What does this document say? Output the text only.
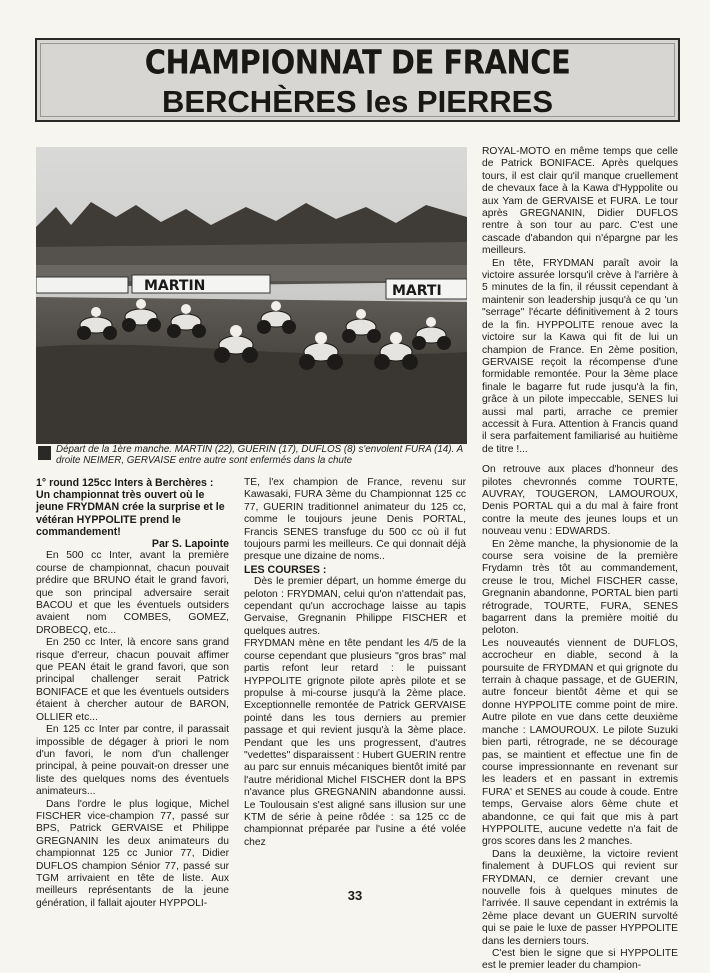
CHAMPIONNAT DE FRANCE
BERCHÈRES les PIERRES
MARTIN	MARTI
Départ de la 1ère manche. MARTIN (22), GUERIN (17), DUFLOS (8) s'envolent FURA (14). A droite NEIMER, GERVAISE entre autre sont enfermés dans la chute

1° round 125cc Inters à Berchères : Un championnat très ouvert où le jeune FRYDMAN crée la surprise et le vétéran HYPPOLITE prend le commandement!

Par S. Lapointe

En 500 cc Inter, avant la première course de championnat, chacun pouvait prédire que BRUNO était le grand favori, que son principal adversaire serait BACOU et que les éventuels outsiders avaient nom COMBES, GOMEZ, DROBECQ, etc...

En 250 cc Inter, là encore sans grand risque d'erreur, chacun pouvait affimer que PEAN était le grand favori, que son principal challenger serait Patrick BONIFACE et que les éventuels outsiders étaient à chercher autour de BARON, OLLIER etc...

En 125 cc Inter par contre, il parassait impossible de dégager à priori le nom d'un favori, le nom d'un challenger principal, à peine pouvait-on dresser une liste des quelques noms des éventuels animateurs...

Dans l'ordre le plus logique, Michel FISCHER vice-champion 77, passé sur BPS, Patrick GERVAISE et Philippe GREGNANIN les deux animateurs du championnat 125 cc Junior 77, Didier DUFLOS champion Sénior 77, passé sur TGM arrivaient en tête de liste. Aux meilleurs représentants de la jeune génération, il fallait ajouter HYPPOLI-

TE, l'ex champion de France, revenu sur Kawasaki, FURA 3ème du Championnat 125 cc 77, GUERIN traditionnel animateur du 125 cc, comme le toujours jeune Denis PORTAL, Francis SENES transfuge du 500 cc où il fut toujours parmi les meilleurs. Ce qui donnait déjà presque une dizaine de noms..

LES COURSES :

Dès le premier départ, un homme émerge du peloton : FRYDMAN, celui qu'on n'attendait pas, cependant qu'un accrochage laisse au tapis Gervaise, Gregnanin Philippe FISCHER et quelques autres.

FRYDMAN mène en tête pendant les 4/5 de la course cependant que plusieurs "gros bras" mal partis refont leur retard : le puissant HYPPOLITE grignote pilote après pilote et se propulse à mi-course jusqu'à la 2ème place. Exceptionnelle remontée de Patrick GERVAISE pointé dans les tous derniers au premier passage et qui revient jusqu'à la 3ème place. Pendant que les uns progressent, d'autres "vedettes" disparaissent : Hubert GUERIN rentre au parc sur ennuis mécaniques bientôt imité par l'autre méridional Michel FISCHER dont la BPS n'avance plus GREGNANIN abandonne aussi. Le Toulousain s'est aligné sans illusion sur une KTM de série à peine rôdée : sa 125 cc de championnat préparée par l'usine a été volée chez

ROYAL-MOTO en même temps que celle de Patrick BONIFACE. Après quelques tours, il est clair qu'il manque cruellement de chevaux face à la Kawa d'Hyppolite ou aux Yam de GERVAISE et FURA. Le tour après GREGNANIN, Didier DUFLOS rentre à son tour au parc. C'est une cascade d'abandon qui n'épargne par les meilleurs.

En tête, FRYDMAN paraît avoir la victoire assurée lorsqu'il crève à l'arrière à 5 minutes de la fin, il réussit cependant à maintenir son leadership jusqu'à ce qu 'un "serrage" l'écarte définitivement à 2 tours de la fin. HYPPOLITE renoue avec la victoire sur la Kawa qui fit de lui un champion de France. En 2ème position, GERVAISE reçoit la récompense d'une formidable remontée. Pour la 3ème place finale le bagarre fut rude jusqu'à la fin, grâce à un pilote impeccable, SENES lui aussi mal parti, arrache ce premier accessit à Fura. Attention à Francis quand il sera parfaitement familiarisé au huitième de titre !...

On retrouve aux places d'honneur des pilotes chevronnés comme TOURTE, AUVRAY, TOUGERON, LAMOUROUX, Denis PORTAL qui a du mal à faire front contre la meute des jeunes loups et un nouveau venu : EDWARDS.

En 2ème manche, la physionomie de la course sera voisine de la première Frydamn très tôt au commandement, creuse le trou, Michel FISCHER casse, Gregnanin abandonne, PORTAL bien parti rétrograde, TOURTE, FURA, SENES bagarrent dans la première moitié du peloton.

Les nouveautés viennent de DUFLOS, accrocheur en diable, second à la poursuite de FRYDMAN et qui grignote du terrain à chaque passage, et de GUERIN, autre fonceur bientôt 4ème et qui se donne HYPPOLITE comme point de mire. Autre pilote en vue dans cette deuxième manche : LAMOUROUX. Le pilote Suzuki bien parti, rétrograde, ne se décourage pas, se maintient et effectue une fin de course impressionnante en revenant sur les leaders et en passant in extremis FURA' et SENES au coude à coude. Entre temps, Gervaise alors 6ème chute et abandonne, ce qui fait que mis à part HYPPOLITE, aucune vedette n'a fait de gros scores dans les 2 manches.

Dans la deuxième, la victoire revient finalement à DUFLOS qui revient sur FRYDMAN, ce dernier crevant une nouvelle fois à quelques minutes de l'arrivée. Il sauve cependant in extrémis la 2ème place devant un GUERIN survolté qui se paie le luxe de passer HYPPOLITE dans les derniers tours.

C'est bien le signe que si HYPPOLITE est le premier leader du champion-

33
